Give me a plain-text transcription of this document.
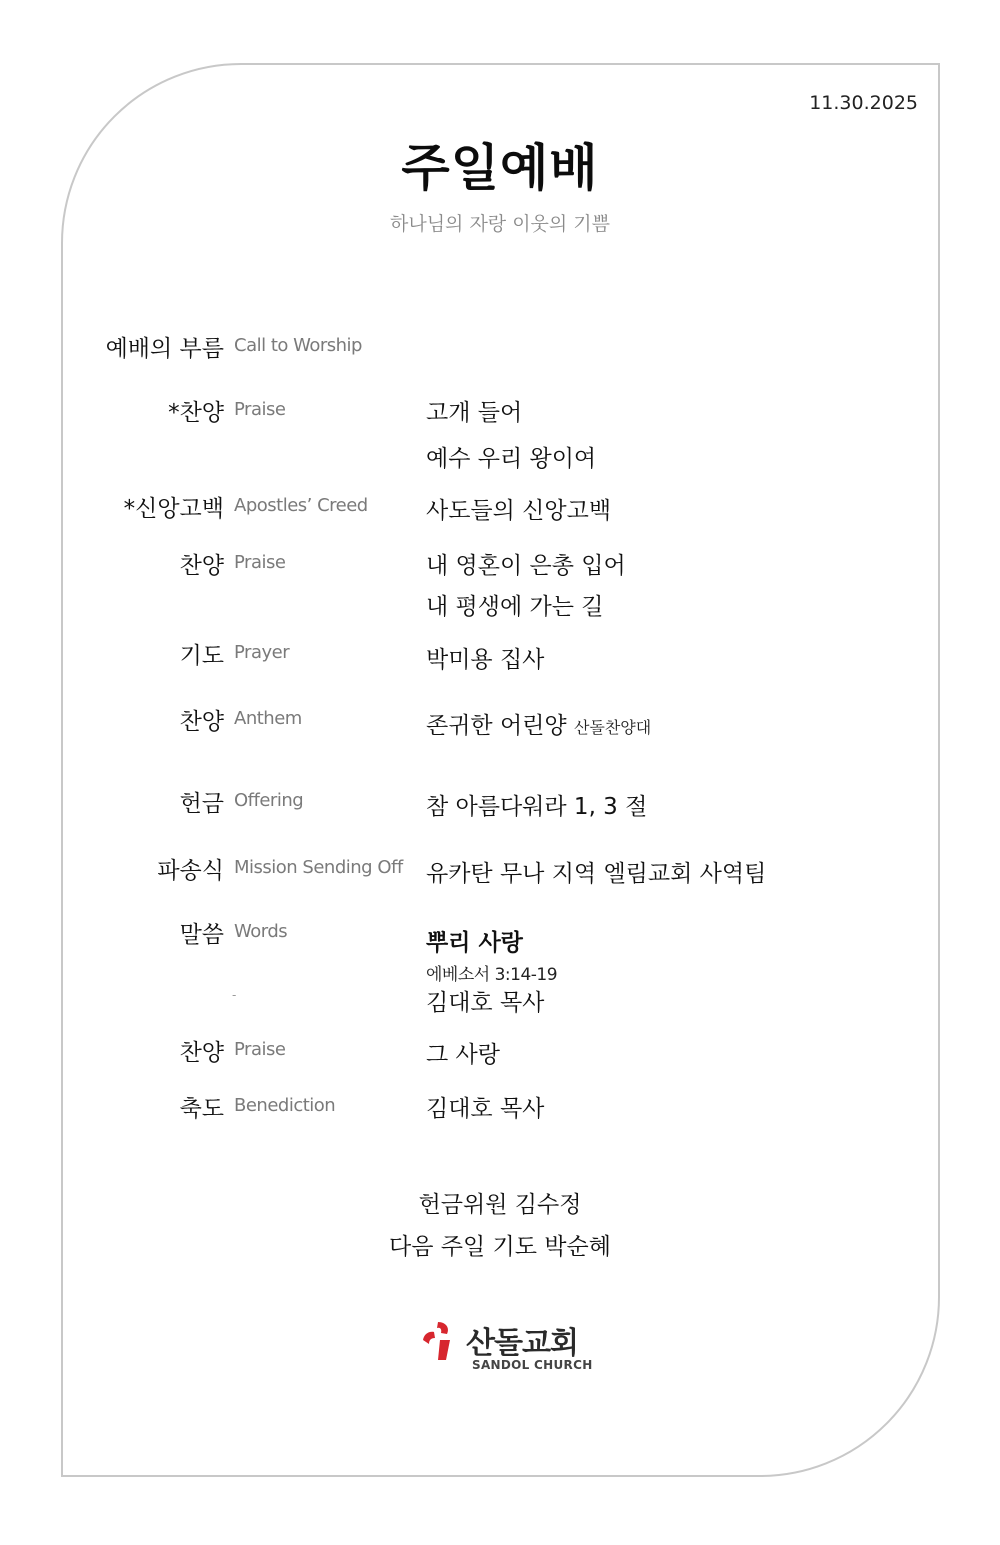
11.30.2025
주일예배
하나님의 자랑 이웃의 기쁨
예배의 부름 Call to Worship
*찬양 Praise	고개 들어
예수 우리 왕이여
*신앙고백 Apostles’ Creed	사도들의 신앙고백
찬양 Praise	내 영혼이 은총 입어
내 평생에 가는 길
기도 Prayer	박미용 집사
찬양 Anthem	존귀한 어린양 산돌찬양대
헌금 Offering	참 아름다워라 1, 3 절
파송식 Mission Sending Off 유카탄 무나 지역 엘림교회 사역팀
말씀 Words	뿌리 사랑
에베소서 3:14-19
-	김대호 목사
찬양 Praise	그 사랑
축도 Benediction	김대호 목사
헌금위원 김수정
다음 주일 기도 박순혜
산돌교회
SANDOL CHURCH
